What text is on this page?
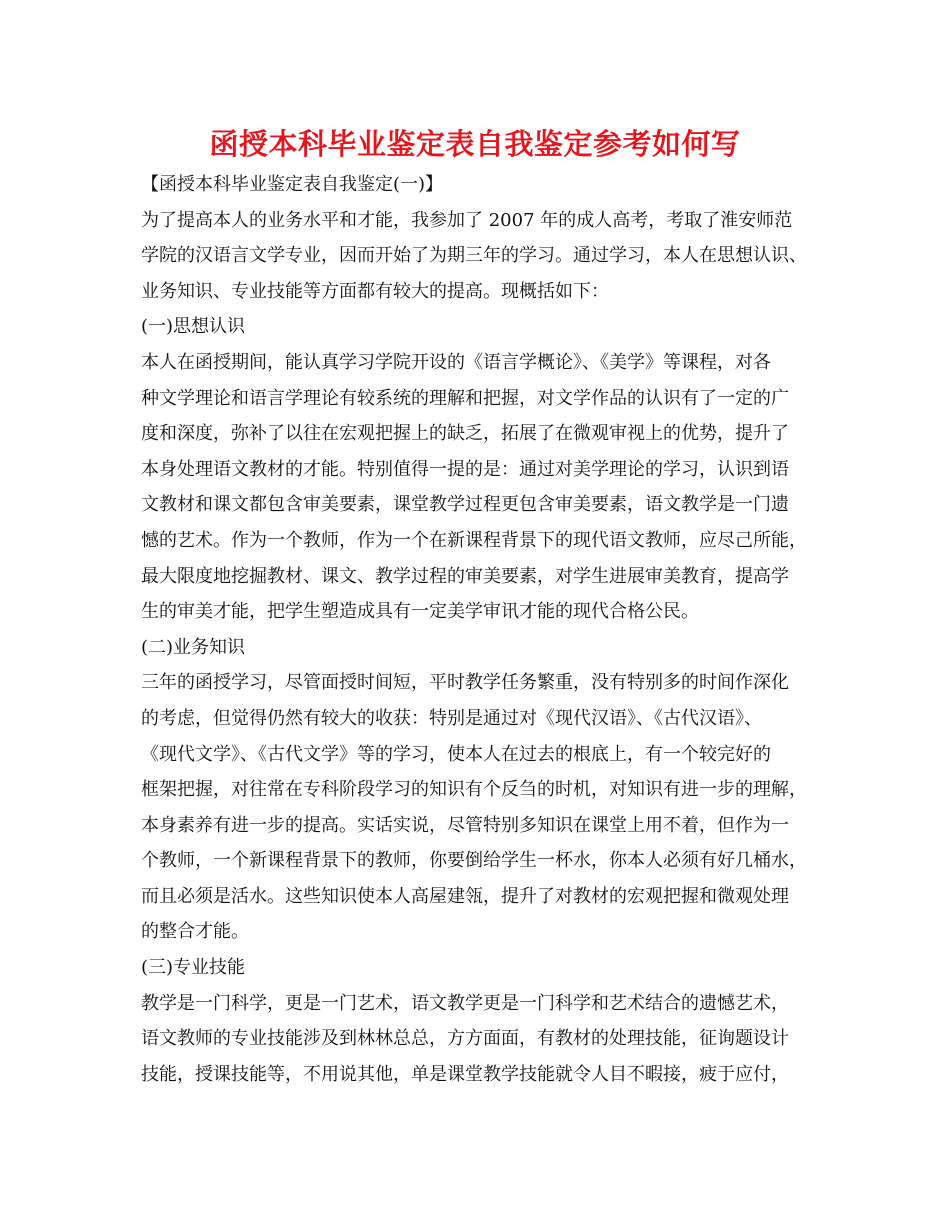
函授本科毕业鉴定表自我鉴定参考如何写
【函授本科毕业鉴定表自我鉴定(一)】
为了提高本人的业务水平和才能，我参加了 2007 年的成人高考，考取了淮安师范
学院的汉语言文学专业，因而开始了为期三年的学习。通过学习，本人在思想认识、
业务知识、专业技能等方面都有较大的提高。现概括如下：
(一)思想认识
本人在函授期间，能认真学习学院开设的《语言学概论》、《美学》等课程，对各
种文学理论和语言学理论有较系统的理解和把握，对文学作品的认识有了一定的广
度和深度，弥补了以往在宏观把握上的缺乏，拓展了在微观审视上的优势，提升了
本身处理语文教材的才能。特别值得一提的是：通过对美学理论的学习，认识到语
文教材和课文都包含审美要素，课堂教学过程更包含审美要素，语文教学是一门遗
憾的艺术。作为一个教师，作为一个在新课程背景下的现代语文教师，应尽己所能，
最大限度地挖掘教材、课文、教学过程的审美要素，对学生进展审美教育，提高学
生的审美才能，把学生塑造成具有一定美学审讯才能的现代合格公民。
(二)业务知识
三年的函授学习，尽管面授时间短，平时教学任务繁重，没有特别多的时间作深化
的考虑，但觉得仍然有较大的收获：特别是通过对《现代汉语》、《古代汉语》、
《现代文学》、《古代文学》等的学习，使本人在过去的根底上，有一个较完好的
框架把握，对往常在专科阶段学习的知识有个反刍的时机，对知识有进一步的理解，
本身素养有进一步的提高。实话实说，尽管特别多知识在课堂上用不着，但作为一
个教师，一个新课程背景下的教师，你要倒给学生一杯水，你本人必须有好几桶水，
而且必须是活水。这些知识使本人高屋建瓴，提升了对教材的宏观把握和微观处理
的整合才能。
(三)专业技能
教学是一门科学，更是一门艺术，语文教学更是一门科学和艺术结合的遗憾艺术，
语文教师的专业技能涉及到林林总总，方方面面，有教材的处理技能，征询题设计
技能，授课技能等，不用说其他，单是课堂教学技能就令人目不暇接，疲于应付，
